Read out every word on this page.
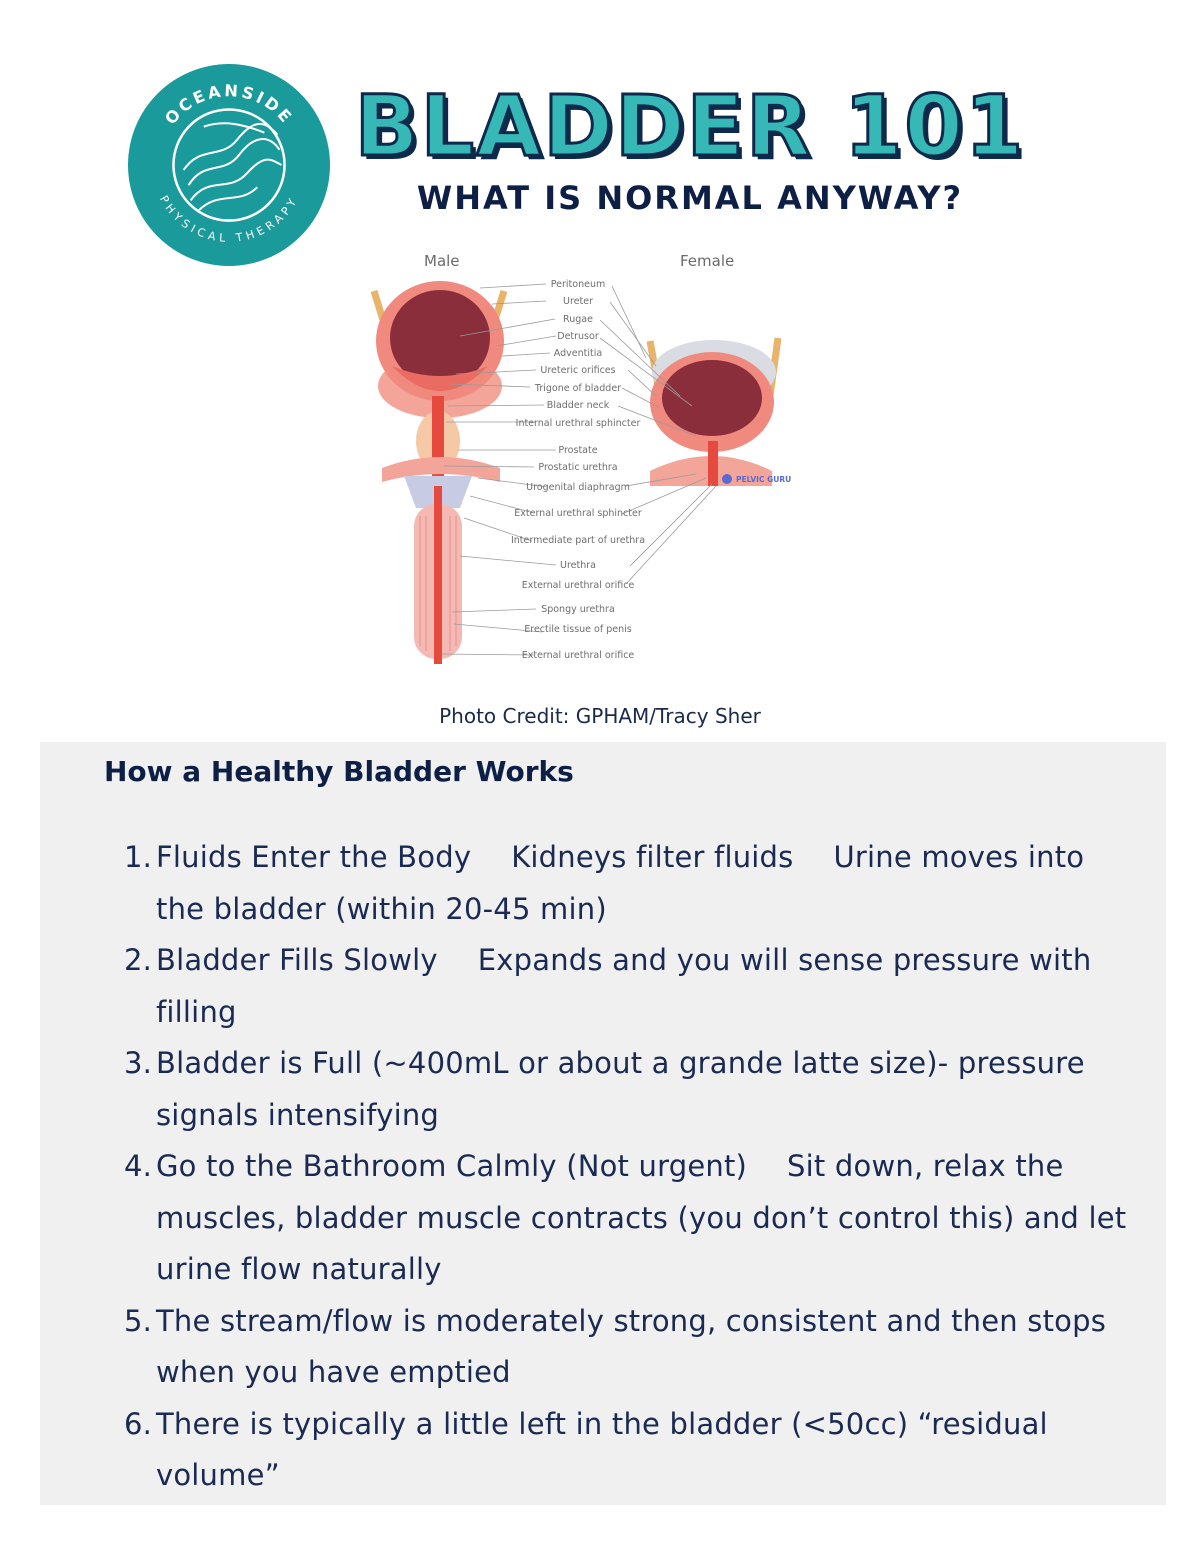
OCEANSIDE
PHYSICAL THERAPY
BLADDER 101
WHAT IS NORMAL ANYWAY?
Male	Female
Peritoneum
Ureter
Rugae
Detrusor
Adventitia
Ureteric orifices
Trigone of bladder
Bladder neck
Internal urethral sphincter
Prostate
Prostatic urethra
Urogenital diaphragm
External urethral sphincter
Intermediate part of urethra
Urethra
External urethral orifice
Spongy urethra
Erectile tissue of penis
External urethral orifice
PELVIC GURU
Photo Credit: GPHAM/Tracy Sher
How a Healthy Bladder Works
1. Fluids Enter the Body Kidneys filter fluids Urine moves into the bladder (within 20-45 min)
2. Bladder Fills Slowly Expands and you will sense pressure with filling
3. Bladder is Full (~400mL or about a grande latte size)- pressure signals intensifying
4. Go to the Bathroom Calmly (Not urgent) Sit down, relax the muscles, bladder muscle contracts (you don’t control this) and let urine flow naturally
5. The stream/flow is moderately strong, consistent and then stops when you have emptied
6. There is typically a little left in the bladder (<50cc) “residual volume”
